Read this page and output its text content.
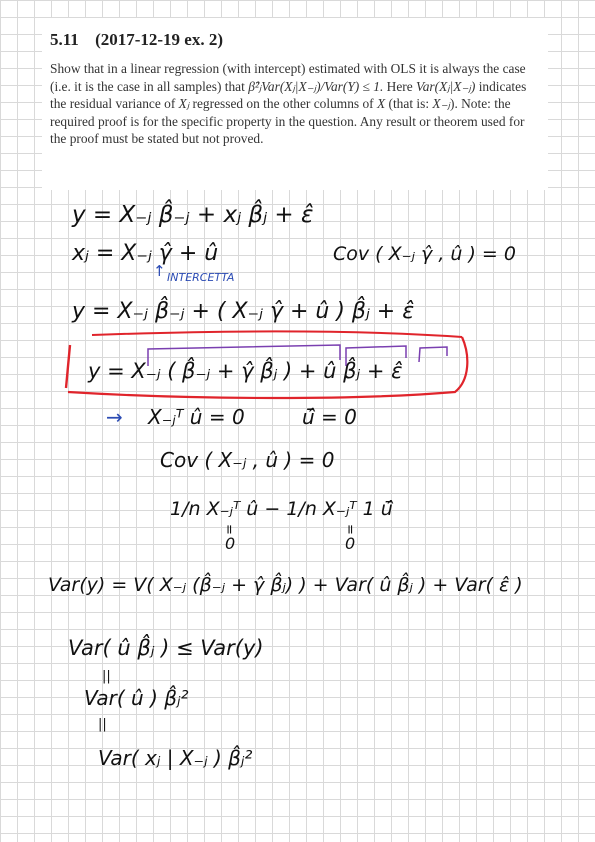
5.11 (2017-12-19 ex. 2)
Show that in a linear regression (with intercept) estimated with OLS it is always the case (i.e. it is the case in all samples) that β̂²ⱼVar(Xⱼ|X₋ⱼ)/Var(Y) ≤ 1. Here Var(Xⱼ|X₋ⱼ) indicates the residual variance of Xⱼ regressed on the other columns of X (that is: X₋ⱼ). Note: the required proof is for the specific property in the question. Any result or theorem used for the proof must be stated but not proved.
y = X₋ⱼ β̂₋ⱼ + xⱼ β̂ⱼ + ε̂
xⱼ = X₋ⱼ γ̂ + û	Cov ( X₋ⱼ γ̂ , û ) = 0
↑ INTERCETTA
y = X₋ⱼ β̂₋ⱼ + ( X₋ⱼ γ̂ + û ) β̂ⱼ + ε̂
y = X₋ⱼ ( β̂₋ⱼ + γ̂ β̂ⱼ ) + û β̂ⱼ + ε̂
→ X₋ⱼᵀ û = 0	ū̂ = 0
Cov ( X₋ⱼ , û ) = 0
1/n X₋ⱼᵀ û − 1/n X₋ⱼᵀ 1 ū̂
=
0
=
0
Var(y) = V( X₋ⱼ (β̂₋ⱼ + γ̂ β̂ⱼ) ) + Var( û β̂ⱼ ) + Var( ε̂ )
Var( û β̂ⱼ ) ≤ Var(y)
||
Var( û ) β̂ⱼ²
||
Var( xⱼ | X₋ⱼ ) β̂ⱼ²
